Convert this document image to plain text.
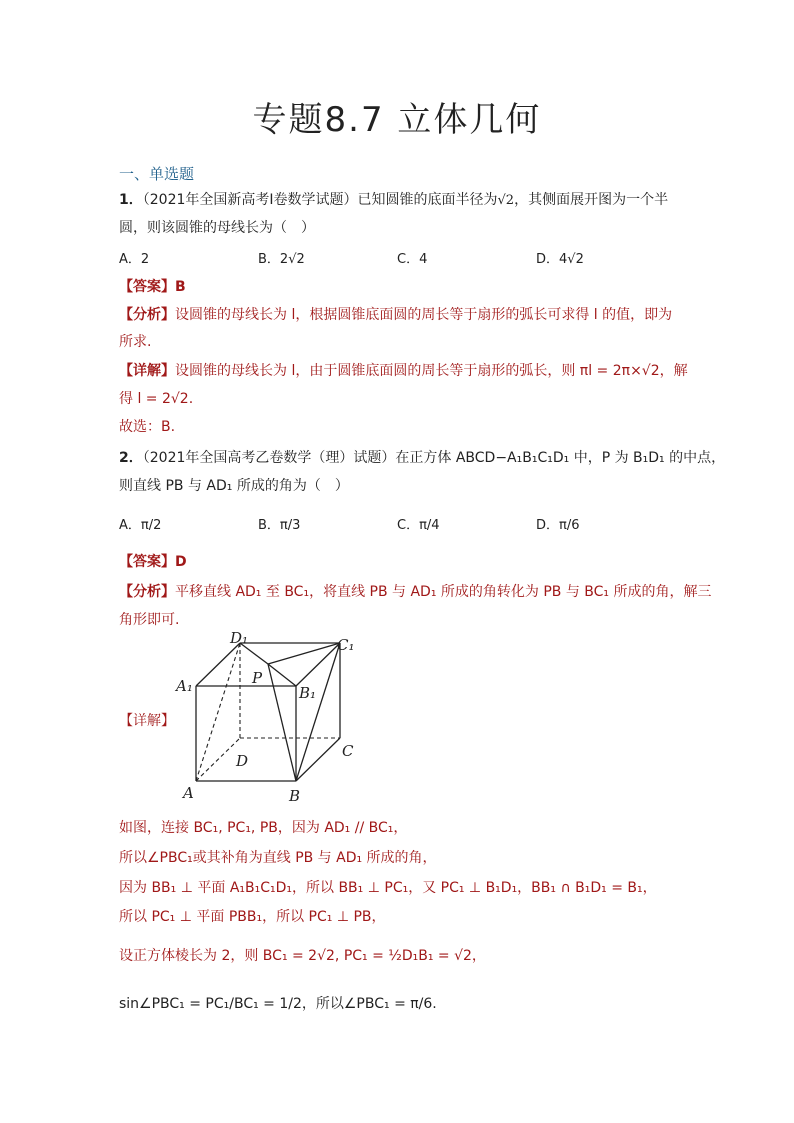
专题8.7 立体几何
一、单选题
1．（2021年全国新高考Ⅰ卷数学试题）已知圆锥的底面半径为√2，其侧面展开图为一个半
圆，则该圆锥的母线长为（　）
A．2	B．2√2	C．4	D．4√2
【答案】B
【分析】设圆锥的母线长为 l，根据圆锥底面圆的周长等于扇形的弧长可求得 l 的值，即为
所求.
【详解】设圆锥的母线长为 l，由于圆锥底面圆的周长等于扇形的弧长，则 πl = 2π×√2，解
得 l = 2√2.
故选：B.
2．（2021年全国高考乙卷数学（理）试题）在正方体 ABCD−A₁B₁C₁D₁ 中，P 为 B₁D₁ 的中点，
则直线 PB 与 AD₁ 所成的角为（　）
A．π/2	B．π/3	C．π/4	D．π/6
【答案】D
【分析】平移直线 AD₁ 至 BC₁，将直线 PB 与 AD₁ 所成的角转化为 PB 与 BC₁ 所成的角，解三
角形即可.
【详解】
D₁	C₁
A₁	P
B₁
D
C
A	B
如图，连接 BC₁, PC₁, PB，因为 AD₁ // BC₁，
所以∠PBC₁或其补角为直线 PB 与 AD₁ 所成的角，
因为 BB₁ ⊥ 平面 A₁B₁C₁D₁，所以 BB₁ ⊥ PC₁，又 PC₁ ⊥ B₁D₁，BB₁ ∩ B₁D₁ = B₁，
所以 PC₁ ⊥ 平面 PBB₁，所以 PC₁ ⊥ PB，
设正方体棱长为 2，则 BC₁ = 2√2, PC₁ = ½D₁B₁ = √2，
sin∠PBC₁ = PC₁/BC₁ = 1/2，所以∠PBC₁ = π/6.
